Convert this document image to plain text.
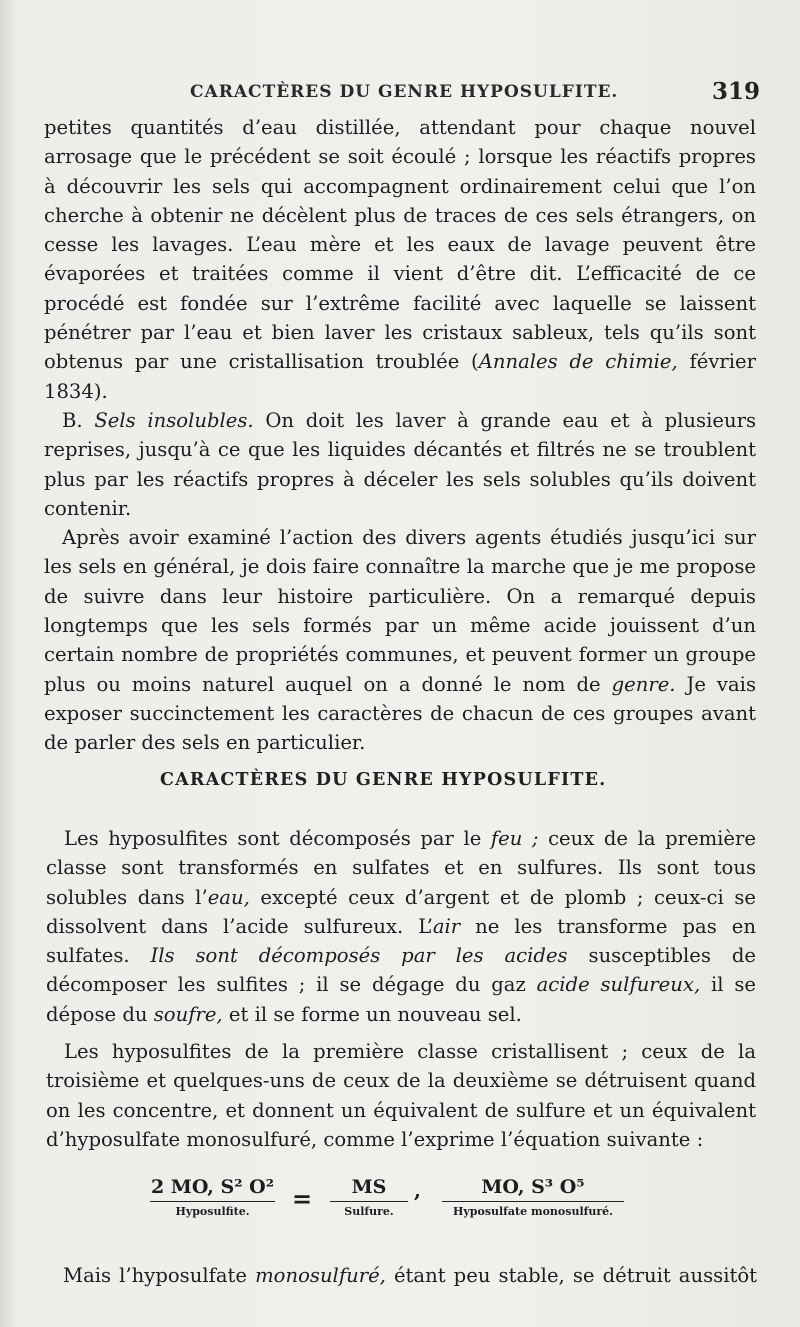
CARACTÈRES DU GENRE HYPOSULFITE.	319

petites quantités d’eau distillée, attendant pour chaque nouvel arrosage que le précédent se soit écoulé ; lorsque les réactifs propres à découvrir les sels qui accompagnent ordinairement celui que l’on cherche à obtenir ne décèlent plus de traces de ces sels étrangers, on cesse les lavages. L’eau mère et les eaux de lavage peuvent être évaporées et traitées comme il vient d’être dit. L’efficacité de ce procédé est fondée sur l’extrême facilité avec laquelle se laissent pénétrer par l’eau et bien laver les cristaux sableux, tels qu’ils sont obtenus par une cristallisation troublée (Annales de chimie, février 1834).

B. Sels insolubles. On doit les laver à grande eau et à plusieurs reprises, jusqu’à ce que les liquides décantés et filtrés ne se troublent plus par les réactifs propres à déceler les sels solubles qu’ils doivent contenir.

Après avoir examiné l’action des divers agents étudiés jusqu’ici sur les sels en général, je dois faire connaître la marche que je me propose de suivre dans leur histoire particulière. On a remarqué depuis longtemps que les sels formés par un même acide jouissent d’un certain nombre de propriétés communes, et peuvent former un groupe plus ou moins naturel auquel on a donné le nom de genre. Je vais exposer succinctement les caractères de chacun de ces groupes avant de parler des sels en particulier.

CARACTÈRES DU GENRE HYPOSULFITE.

Les hyposulfites sont décomposés par le feu ; ceux de la première classe sont transformés en sulfates et en sulfures. Ils sont tous solubles dans l’eau, excepté ceux d’argent et de plomb ; ceux-ci se dissolvent dans l’acide sulfureux. L’air ne les transforme pas en sulfates. Ils sont décomposés par les acides susceptibles de décomposer les sulfites ; il se dégage du gaz acide sulfureux, il se dépose du soufre, et il se forme un nouveau sel.

Les hyposulfites de la première classe cristallisent ; ceux de la troisième et quelques-uns de ceux de la deuxième se détruisent quand on les concentre, et donnent un équivalent de sulfure et un équivalent d’hyposulfate monosulfuré, comme l’exprime l’équation suivante :

2 MO, S² O²
Hyposulfite.	=	MS
Sulfure.
,	MO, S³ O⁵
Hyposulfate monosulfuré.
Mais l’hyposulfate monosulfuré, étant peu stable, se détruit aussitôt
